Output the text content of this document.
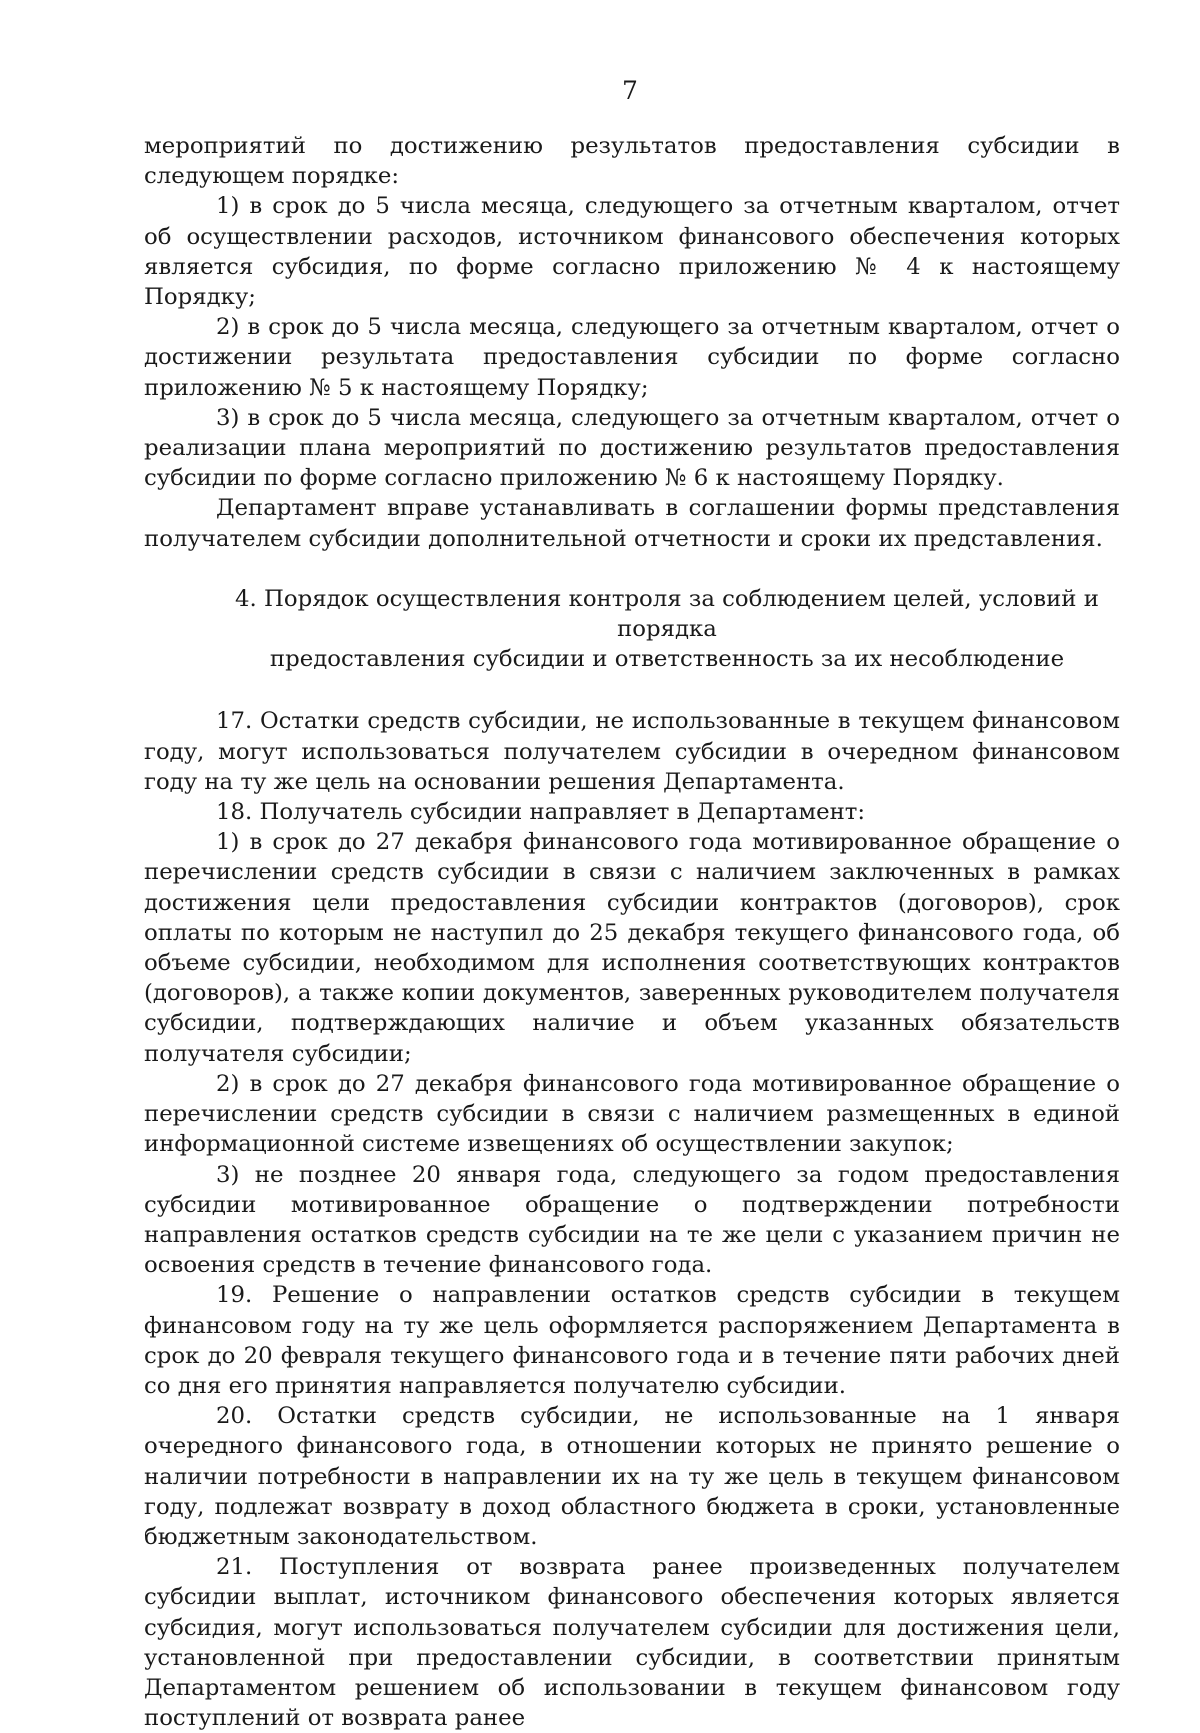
7

мероприятий по достижению результатов предоставления субсидии в следующем порядке:

1) в срок до 5 числа месяца, следующего за отчетным кварталом, отчет об осуществлении расходов, источником финансового обеспечения которых является субсидия, по форме согласно приложению № 4 к настоящему Порядку;

2) в срок до 5 числа месяца, следующего за отчетным кварталом, отчет о достижении результата предоставления субсидии по форме согласно приложению № 5 к настоящему Порядку;

3) в срок до 5 числа месяца, следующего за отчетным кварталом, отчет о реализации плана мероприятий по достижению результатов предоставления субсидии по форме согласно приложению № 6 к настоящему Порядку.

Департамент вправе устанавливать в соглашении формы представления получателем субсидии дополнительной отчетности и сроки их представления.

4. Порядок осуществления контроля за соблюдением целей, условий и порядка
предоставления субсидии и ответственность за их несоблюдение

17. Остатки средств субсидии, не использованные в текущем финансовом году, могут использоваться получателем субсидии в очередном финансовом году на ту же цель на основании решения Департамента.

18. Получатель субсидии направляет в Департамент:

1) в срок до 27 декабря финансового года мотивированное обращение о перечислении средств субсидии в связи с наличием заключенных в рамках достижения цели предоставления субсидии контрактов (договоров), срок оплаты по которым не наступил до 25 декабря текущего финансового года, об объеме субсидии, необходимом для исполнения соответствующих контрактов (договоров), а также копии документов, заверенных руководителем получателя субсидии, подтверждающих наличие и объем указанных обязательств получателя субсидии;

2) в срок до 27 декабря финансового года мотивированное обращение о перечислении средств субсидии в связи с наличием размещенных в единой информационной системе извещениях об осуществлении закупок;

3) не позднее 20 января года, следующего за годом предоставления субсидии мотивированное обращение о подтверждении потребности направления остатков средств субсидии на те же цели с указанием причин не освоения средств в течение финансового года.

19. Решение о направлении остатков средств субсидии в текущем финансовом году на ту же цель оформляется распоряжением Департамента в срок до 20 февраля текущего финансового года и в течение пяти рабочих дней со дня его принятия направляется получателю субсидии.

20. Остатки средств субсидии, не использованные на 1 января очередного финансового года, в отношении которых не принято решение о наличии потребности в направлении их на ту же цель в текущем финансовом году, подлежат возврату в доход областного бюджета в сроки, установленные бюджетным законодательством.

21. Поступления от возврата ранее произведенных получателем субсидии выплат, источником финансового обеспечения которых является субсидия, могут использоваться получателем субсидии для достижения цели, установленной при предоставлении субсидии, в соответствии принятым Департаментом решением об использовании в текущем финансовом году поступлений от возврата ранее
